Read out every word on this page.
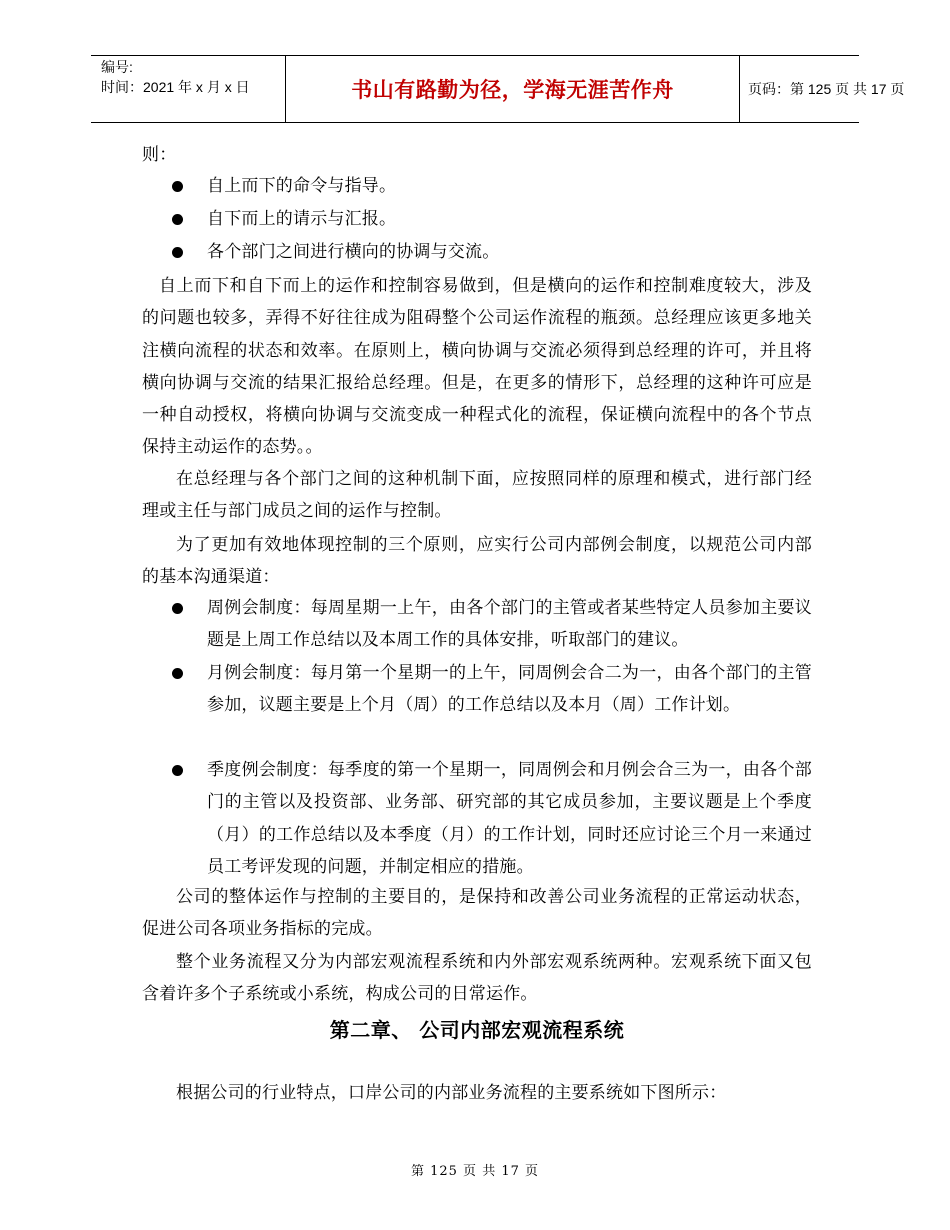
编号:
时间：2021 年 x 月 x 日	书山有路勤为径，学海无涯苦作舟	页码：第 125 页 共 17 页
则：
自上而下的命令与指导。
自下而上的请示与汇报。
各个部门之间进行横向的协调与交流。
自上而下和自下而上的运作和控制容易做到，但是横向的运作和控制难度较大，涉及的问题也较多，弄得不好往往成为阻碍整个公司运作流程的瓶颈。总经理应该更多地关注横向流程的状态和效率。在原则上，横向协调与交流必须得到总经理的许可，并且将横向协调与交流的结果汇报给总经理。但是，在更多的情形下，总经理的这种许可应是一种自动授权，将横向协调与交流变成一种程式化的流程，保证横向流程中的各个节点保持主动运作的态势。。
在总经理与各个部门之间的这种机制下面，应按照同样的原理和模式，进行部门经理或主任与部门成员之间的运作与控制。
为了更加有效地体现控制的三个原则，应实行公司内部例会制度，以规范公司内部的基本沟通渠道：
周例会制度：每周星期一上午，由各个部门的主管或者某些特定人员参加主要议题是上周工作总结以及本周工作的具体安排，听取部门的建议。
月例会制度：每月第一个星期一的上午，同周例会合二为一，由各个部门的主管参加，议题主要是上个月（周）的工作总结以及本月（周）工作计划。
季度例会制度：每季度的第一个星期一，同周例会和月例会合三为一，由各个部门的主管以及投资部、业务部、研究部的其它成员参加，主要议题是上个季度（月）的工作总结以及本季度（月）的工作计划，同时还应讨论三个月一来通过员工考评发现的问题，并制定相应的措施。
公司的整体运作与控制的主要目的，是保持和改善公司业务流程的正常运动状态，促进公司各项业务指标的完成。
整个业务流程又分为内部宏观流程系统和内外部宏观系统两种。宏观系统下面又包含着许多个子系统或小系统，构成公司的日常运作。
第二章、 公司内部宏观流程系统
根据公司的行业特点，口岸公司的内部业务流程的主要系统如下图所示：
第 125 页 共 17 页
